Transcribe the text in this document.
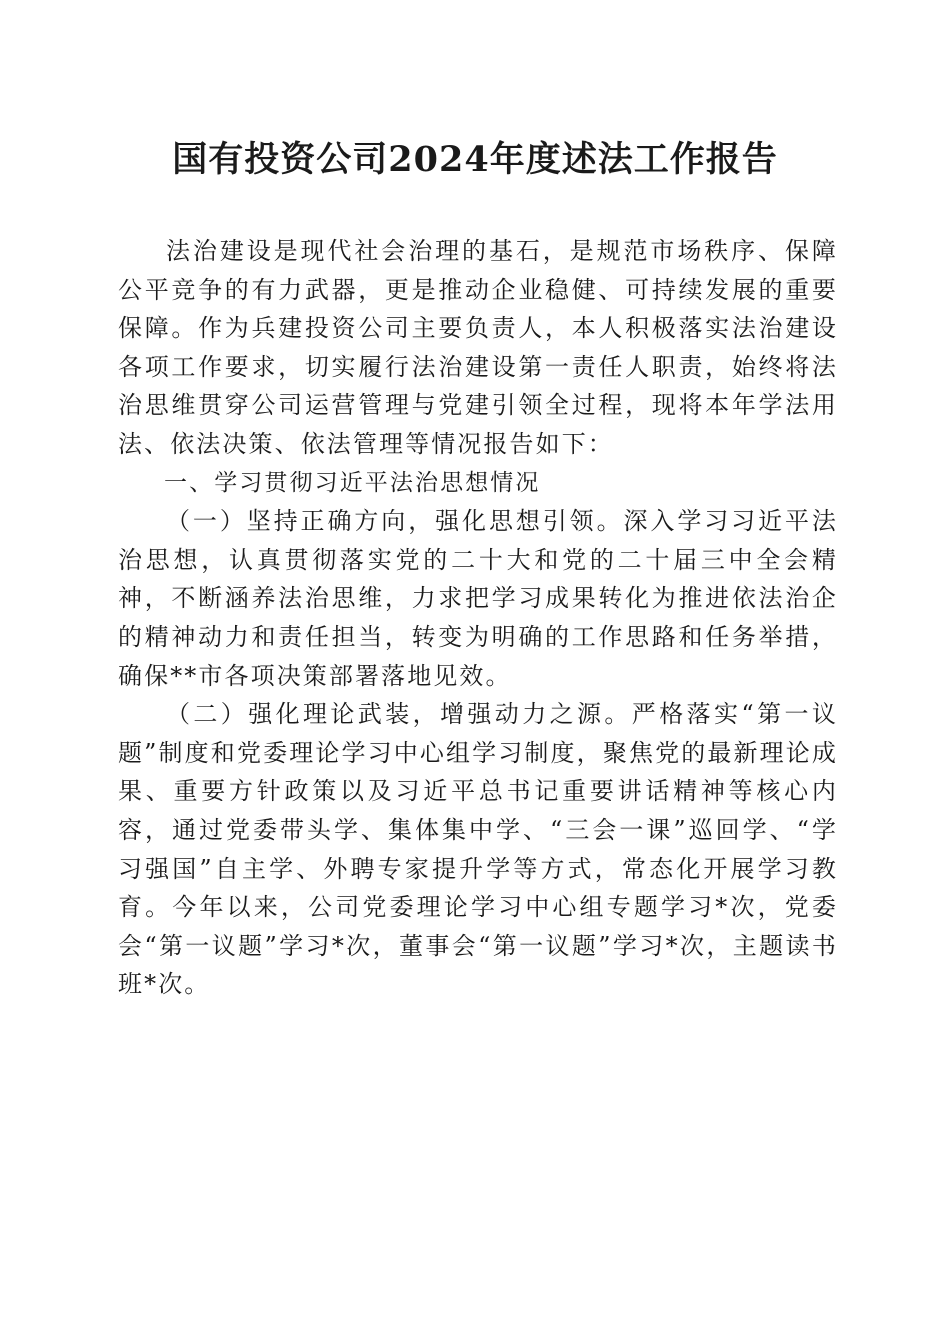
国有投资公司2024年度述法工作报告

法治建设是现代社会治理的基石，是规范市场秩序、保障公平竞争的有力武器，更是推动企业稳健、可持续发展的重要保障。作为兵建投资公司主要负责人，本人积极落实法治建设各项工作要求，切实履行法治建设第一责任人职责，始终将法治思维贯穿公司运营管理与党建引领全过程，现将本年学法用法、依法决策、依法管理等情况报告如下：

一、学习贯彻习近平法治思想情况

（一）坚持正确方向，强化思想引领。深入学习习近平法治思想，认真贯彻落实党的二十大和党的二十届三中全会精神，不断涵养法治思维，力求把学习成果转化为推进依法治企的精神动力和责任担当，转变为明确的工作思路和任务举措，确保**市各项决策部署落地见效。

（二）强化理论武装，增强动力之源。严格落实“第一议题”制度和党委理论学习中心组学习制度，聚焦党的最新理论成果、重要方针政策以及习近平总书记重要讲话精神等核心内容，通过党委带头学、集体集中学、“三会一课”巡回学、“学习强国”自主学、外聘专家提升学等方式，常态化开展学习教育。今年以来，公司党委理论学习中心组专题学习*次，党委会“第一议题”学习*次，董事会“第一议题”学习*次，主题读书班*次。
